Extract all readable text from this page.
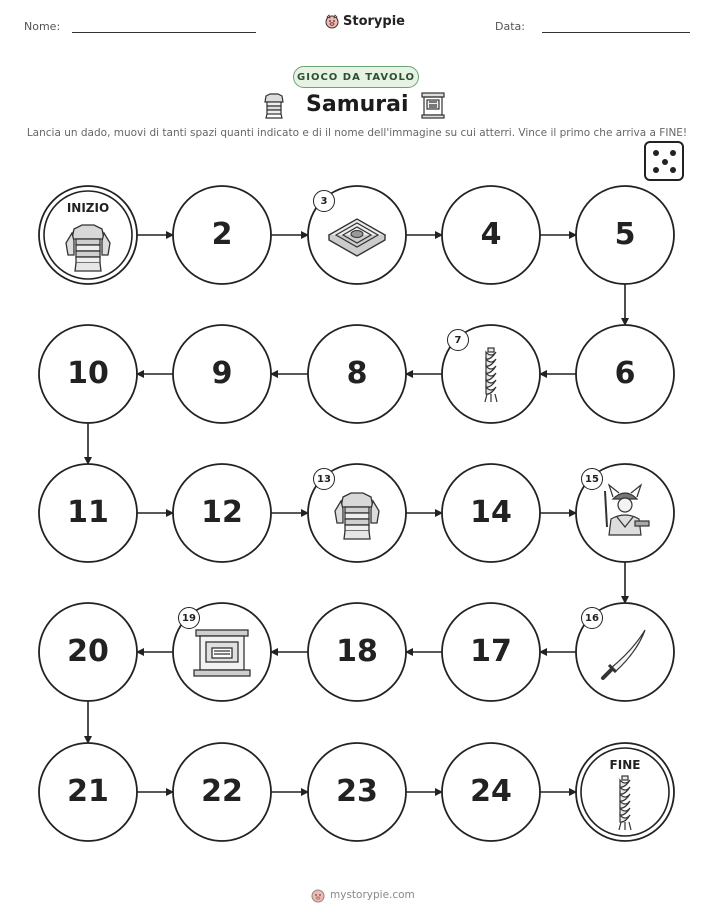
Nome:	Storypie	Data:
GIOCO DA TAVOLO
Samurai
Lancia un dado, muovi di tanti spazi quanti indicato e di il nome dell'immagine su cui atterri. Vince il primo che arriva a FINE!
INIZIO
2
3
4	5
6
7
8
9
10
11	12
13
14
15
16
17
18
19
20
21	22	23	24
FINE
mystorypie.com
